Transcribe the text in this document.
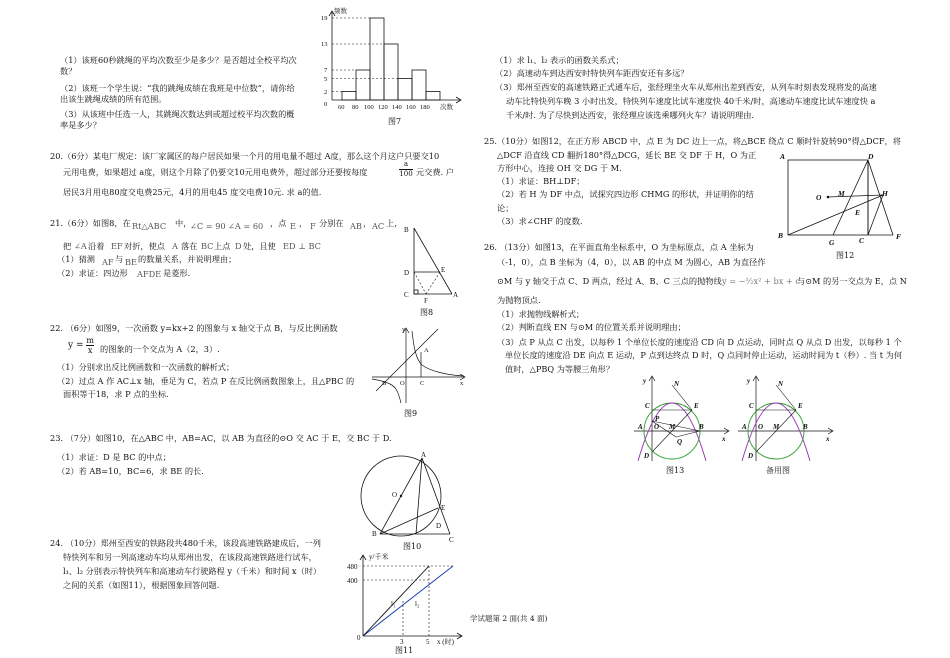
（1）该班60秒跳绳的平均次数至少是多少？是否超过全校平均次
数？
（2）该班一个学生说：“我的跳绳成绩在我班是中位数”，请你给
出该生跳绳成绩的所有范围。
（3）从该班中任选一人，其跳绳次数达到或超过校平均次数的概
率是多少？
频数
19
13
7
5
2
0 60 80 100 120 140 160 180 次数
图7
20.（6分）某电厂规定：该厂家属区的每户居民如果一个月的用电量不超过 A度，那么这个月这户只要交10
元用电费，如果超过 a度，则这个月除了仍要交10元用电费外，超过部分还要按每度	$\frac{a}{100}$ 元交费. 户
居民3月用电80度交电费25元，4月的用电45 度交电费10元. 求 a的值.
21.（6分）如图8，在 Rt△ABC 中，
∠C = 90 ∠A = 60 ，点 E ， F 分别在 AB ， AC 上，
把 ∠A 沿着 EF 对折，使点 A 落在 BC 上点 D 处，且使 ED ⊥ BC
（1）猜测 AF 与 BE 的数量关系，并说明理由；
（2）求证：四边形 AFDE 是菱形.
B
D	E
C
F
A
图8
22. （6分）如图9，一次函数 y=kx+2 的图象与 x 轴交于点 B，与反比例函数
$y = \frac{m}{x}$ 的图象的一个交点为 A（2，3）.
（1）分别求出反比例函数和一次函数的解析式；
（2）过点 A 作 AC⊥x 轴，垂足为 C，若点 P 在反比例函数图象上，且△PBC 的
面积等于18，求 P 点的坐标.
y
A
B O C	x
图9
23. （7分）如图10，在△ABC 中，AB=AC，以 AB 为直径的⊙O 交 AC 于 E，交 BC 于 D.
（1）求证：D 是 BC 的中点；
（2）若 AB=10，BC=6，求 BE 的长.
A
O
E
B
D
C
图10
24. （10分）郑州至西安的铁路段共480千米，该段高速铁路建成后，一列
特快列车和另一列高速动车均从郑州出发，在该段高速铁路进行试车，
l₁、l₂ 分别表示特快列车和高速动车行驶路程 y（千米）和时间 x（时）
之间的关系（如图11），根据图象回答问题.
y/千米
480
400
0	3	5 x (时)
l₁	l₂
图11
（1）求 l₁、l₂ 表示的函数关系式；
（2）高速动车到达西安时特快列车距西安还有多远？
（3）郑州至西安的高速铁路正式通车后，张经理坐火车从郑州出差到西安，从列车时刻表发现将发的高速
动车比特快列车晚 3 小时出发，特快列车速度比试车速度快 40千米/时，高速动车速度比试车速度快 a
千米/时. 为了尽快到达西安，张经理应该选乘哪列火车？请说明理由.
25.（10分）如图12，在正方形 ABCD 中，点 E 为 DC 边上一点，将△BCE 绕点 C 顺时针旋转90°得△DCF，将
△DCF 沿直线 CD 翻折180°得△DCG，延长 BE 交 DF 于 H，O 为正
方形中心，连接 OH 交 DG 于 M.
（1）求证：BH⊥DF；
（2）若 H 为 DF 中点，试探究四边形 CHMG 的形状，并证明你的结
论；
（3）求∠CHF 的度数.
A	D
O M	H
E
B
G	C	F
图12
26. （13分）如图13，在平面直角坐标系中，O 为坐标原点，点 A 坐标为
（-1，0），点 B 坐标为（4，0），以 AB 的中点 M 为圆心，AB 为直径作
⊙M 与 y 轴交于点 C、D 两点，经过 A、B、C 三点的抛物线 y = −½x² + bx + c
与⊙M 的另一交点为 E，点 N
为抛物顶点.
（1）求抛物线解析式；
（2）判断直线 EN 与⊙M 的位置关系并说明理由；
（3）点 P 从点 C 出发，以每秒 1 个单位长度的速度沿 CD 向 D 点运动，同时点 Q 从点 D 出发，以每秒 1 个
单位长度的速度沿 DE 向点 E 运动，P 点到达终点 D 时，Q 点同时停止运动，运动时间为 t（秒）. 当 t 为何
值时，△PBQ 为等腰三角形？
y	N
C	E
P
A O M	B
x
Q
D
图13
y	N
C	E
A O M	B
x
D
备用图
学试题第 2 面(共 4 面)
